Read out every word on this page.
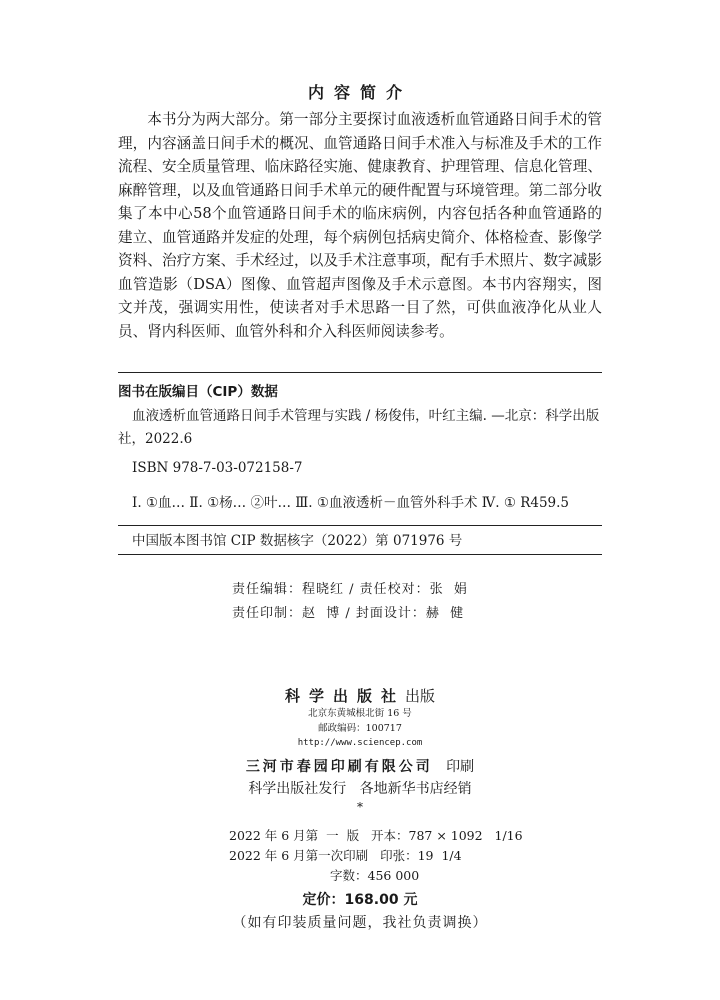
内容简介

本书分为两大部分。第一部分主要探讨血液透析血管通路日间手术的管理，内容涵盖日间手术的概况、血管通路日间手术准入与标准及手术的工作流程、安全质量管理、临床路径实施、健康教育、护理管理、信息化管理、麻醉管理，以及血管通路日间手术单元的硬件配置与环境管理。第二部分收集了本中心58个血管通路日间手术的临床病例，内容包括各种血管通路的建立、血管通路并发症的处理，每个病例包括病史简介、体格检查、影像学资料、治疗方案、手术经过，以及手术注意事项，配有手术照片、数字减影血管造影（DSA）图像、血管超声图像及手术示意图。本书内容翔实，图文并茂，强调实用性，使读者对手术思路一目了然，可供血液净化从业人员、肾内科医师、血管外科和介入科医师阅读参考。

图书在版编目（CIP）数据

血液透析血管通路日间手术管理与实践 / 杨俊伟，叶红主编. —北京：科学出版社，2022.6

ISBN 978-7-03-072158-7
Ⅰ. ①血… Ⅱ. ①杨… ②叶… Ⅲ. ①血液透析－血管外科手术 Ⅳ. ① R459.5
中国版本图书馆 CIP 数据核字（2022）第 071976 号
责任编辑：程晓红 / 责任校对：张  娟
责任印制：赵  博 / 封面设计：赫  健
科学出版社出版
北京东黄城根北街 16 号
邮政编码：100717
http://www.sciencep.com
三河市春园印刷有限公司 印刷
科学出版社发行   各地新华书店经销
*
2022 年 6 月第  一  版   开本：787 × 1092   1/16
2022 年 6 月第一次印刷   印张：19  1/4
字数：456 000
定价：168.00 元
（如有印装质量问题，我社负责调换）
